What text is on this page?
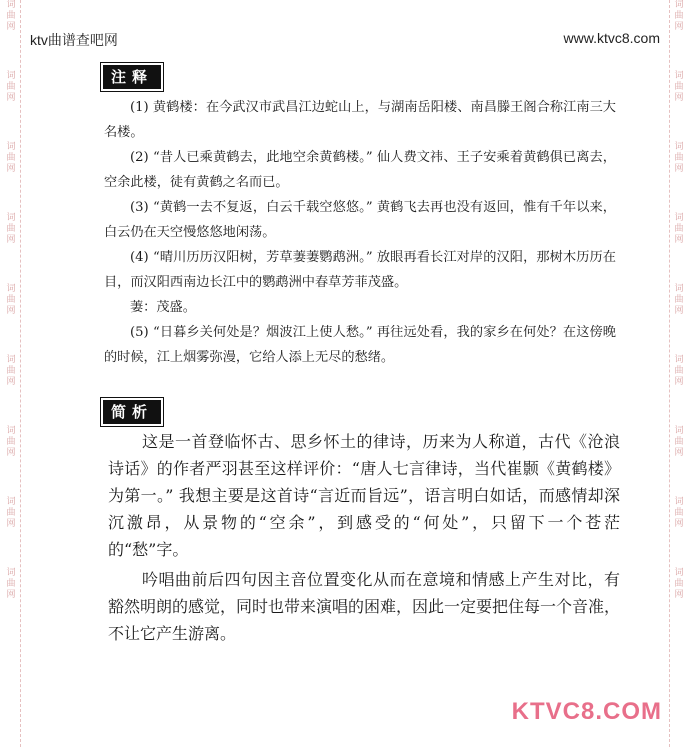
词
曲
网
词
曲
网
词
曲
网
词
曲
网
词
曲
网
词
曲
网
词
曲
网
词
曲
网
词
曲
网
词
曲
网
词
曲
网
词
曲
网
词
曲
网
词
曲
网
词
曲
网
词
曲
网
词
曲
网
词
曲
网
ktv曲谱查吧网	www.ktvc8.com
注释

(1) 黄鹤楼：在今武汉市武昌江边蛇山上，与湖南岳阳楼、南昌滕王阁合称江南三大名楼。

(2) “昔人已乘黄鹤去，此地空余黄鹤楼。” 仙人费文祎、王子安乘着黄鹤俱已离去，空余此楼，徒有黄鹤之名而已。

(3) “黄鹤一去不复返，白云千载空悠悠。” 黄鹤飞去再也没有返回，惟有千年以来，白云仍在天空慢悠悠地闲荡。

(4) “晴川历历汉阳树，芳草萋萋鹦鹉洲。” 放眼再看长江对岸的汉阳，那树木历历在目，而汉阳西南边长江中的鹦鹉洲中春草芳菲茂盛。

萋：茂盛。

(5) “日暮乡关何处是？烟波江上使人愁。” 再往远处看，我的家乡在何处？在这傍晚的时候，江上烟雾弥漫，它给人添上无尽的愁绪。

简析

这是一首登临怀古、思乡怀土的律诗，历来为人称道，古代《沧浪诗话》的作者严羽甚至这样评价：“唐人七言律诗，当代崔颢《黄鹤楼》为第一。” 我想主要是这首诗“言近而旨远”，语言明白如话，而感情却深沉激昂，从景物的“空余”，到感受的“何处”，只留下一个苍茫的“愁”字。

吟唱曲前后四句因主音位置变化从而在意境和情感上产生对比，有豁然明朗的感觉，同时也带来演唱的困难，因此一定要把住每一个音准，不让它产生游离。

KTVC8.COM
